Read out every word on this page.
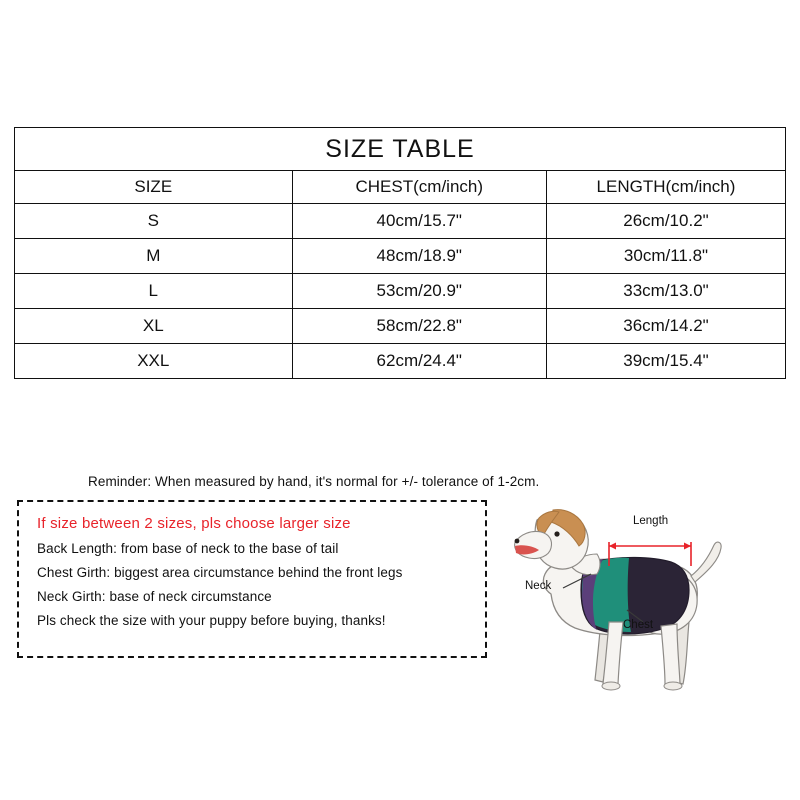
SIZE TABLE		
SIZE	CHEST(cm/inch)	LENGTH(cm/inch)
S	40cm/15.7"	26cm/10.2"
M	48cm/18.9"	30cm/11.8"
L	53cm/20.9"	33cm/13.0"
XL	58cm/22.8"	36cm/14.2"
XXL	62cm/24.4"	39cm/15.4"
Reminder: When measured by hand, it's normal for +/- tolerance of 1-2cm.
If size between 2 sizes, pls choose larger size
Back Length: from base of neck to the base of tail
Chest Girth: biggest area circumstance behind the front legs
Neck Girth: base of neck circumstance
Pls check the size with your puppy before buying, thanks!
Length
Neck
Chest
